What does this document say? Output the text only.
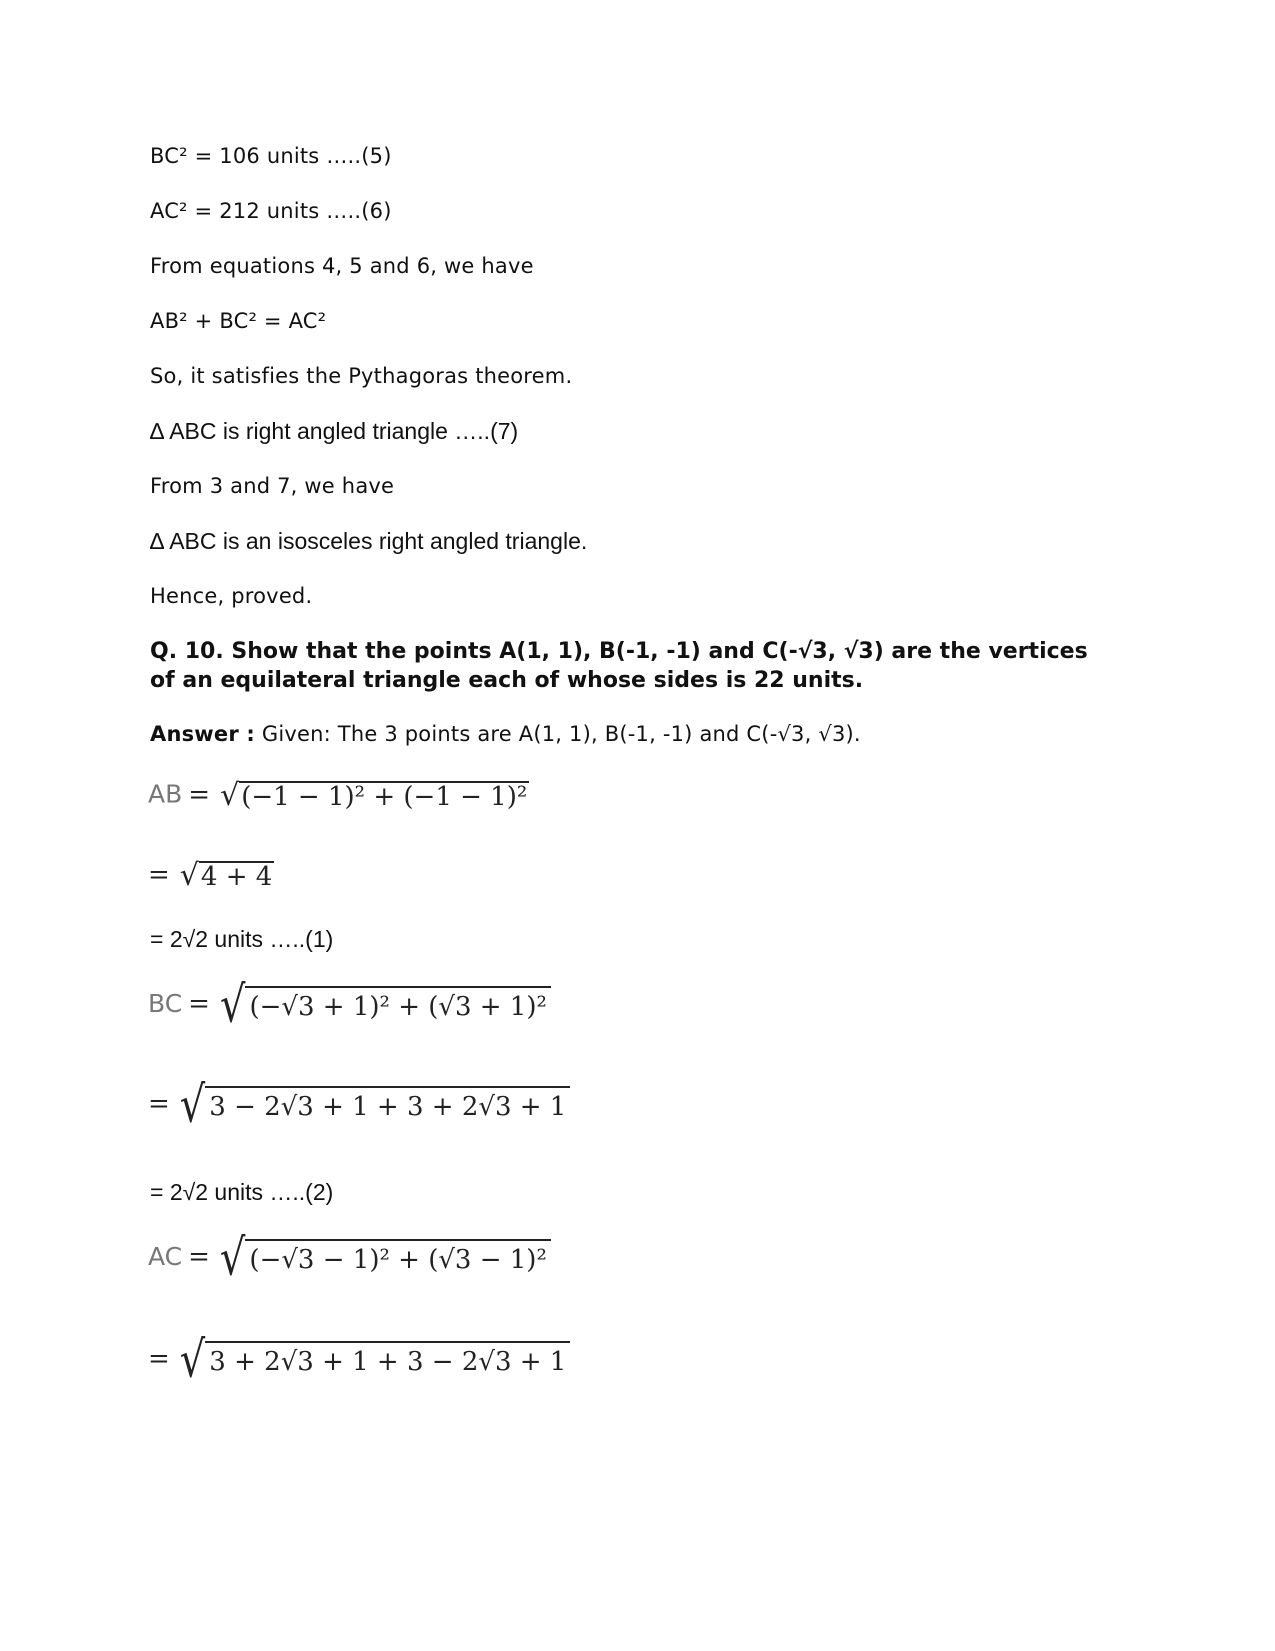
BC² = 106 units …..(5)
AC² = 212 units …..(6)
From equations 4, 5 and 6, we have
AB² + BC² = AC²
So, it satisfies the Pythagoras theorem.
∆ ABC is right angled triangle …..(7)
From 3 and 7, we have
∆ ABC is an isosceles right angled triangle.
Hence, proved.
Q. 10. Show that the points A(1, 1), B(-1, -1) and C(-√3, √3) are the vertices of an equilateral triangle each of whose sides is 22 units.
Answer : Given: The 3 points are A(1, 1), B(-1, -1) and C(-√3, √3).
AB = √(−1 − 1)² + (−1 − 1)²
= √4 + 4
= 2√2 units …..(1)
BC = √ (−√3 + 1)² + (√3 + 1)²
= √ 3 − 2√3 + 1 + 3 + 2√3 + 1
= 2√2 units …..(2)
AC = √ (−√3 − 1)² + (√3 − 1)²
= √ 3 + 2√3 + 1 + 3 − 2√3 + 1
